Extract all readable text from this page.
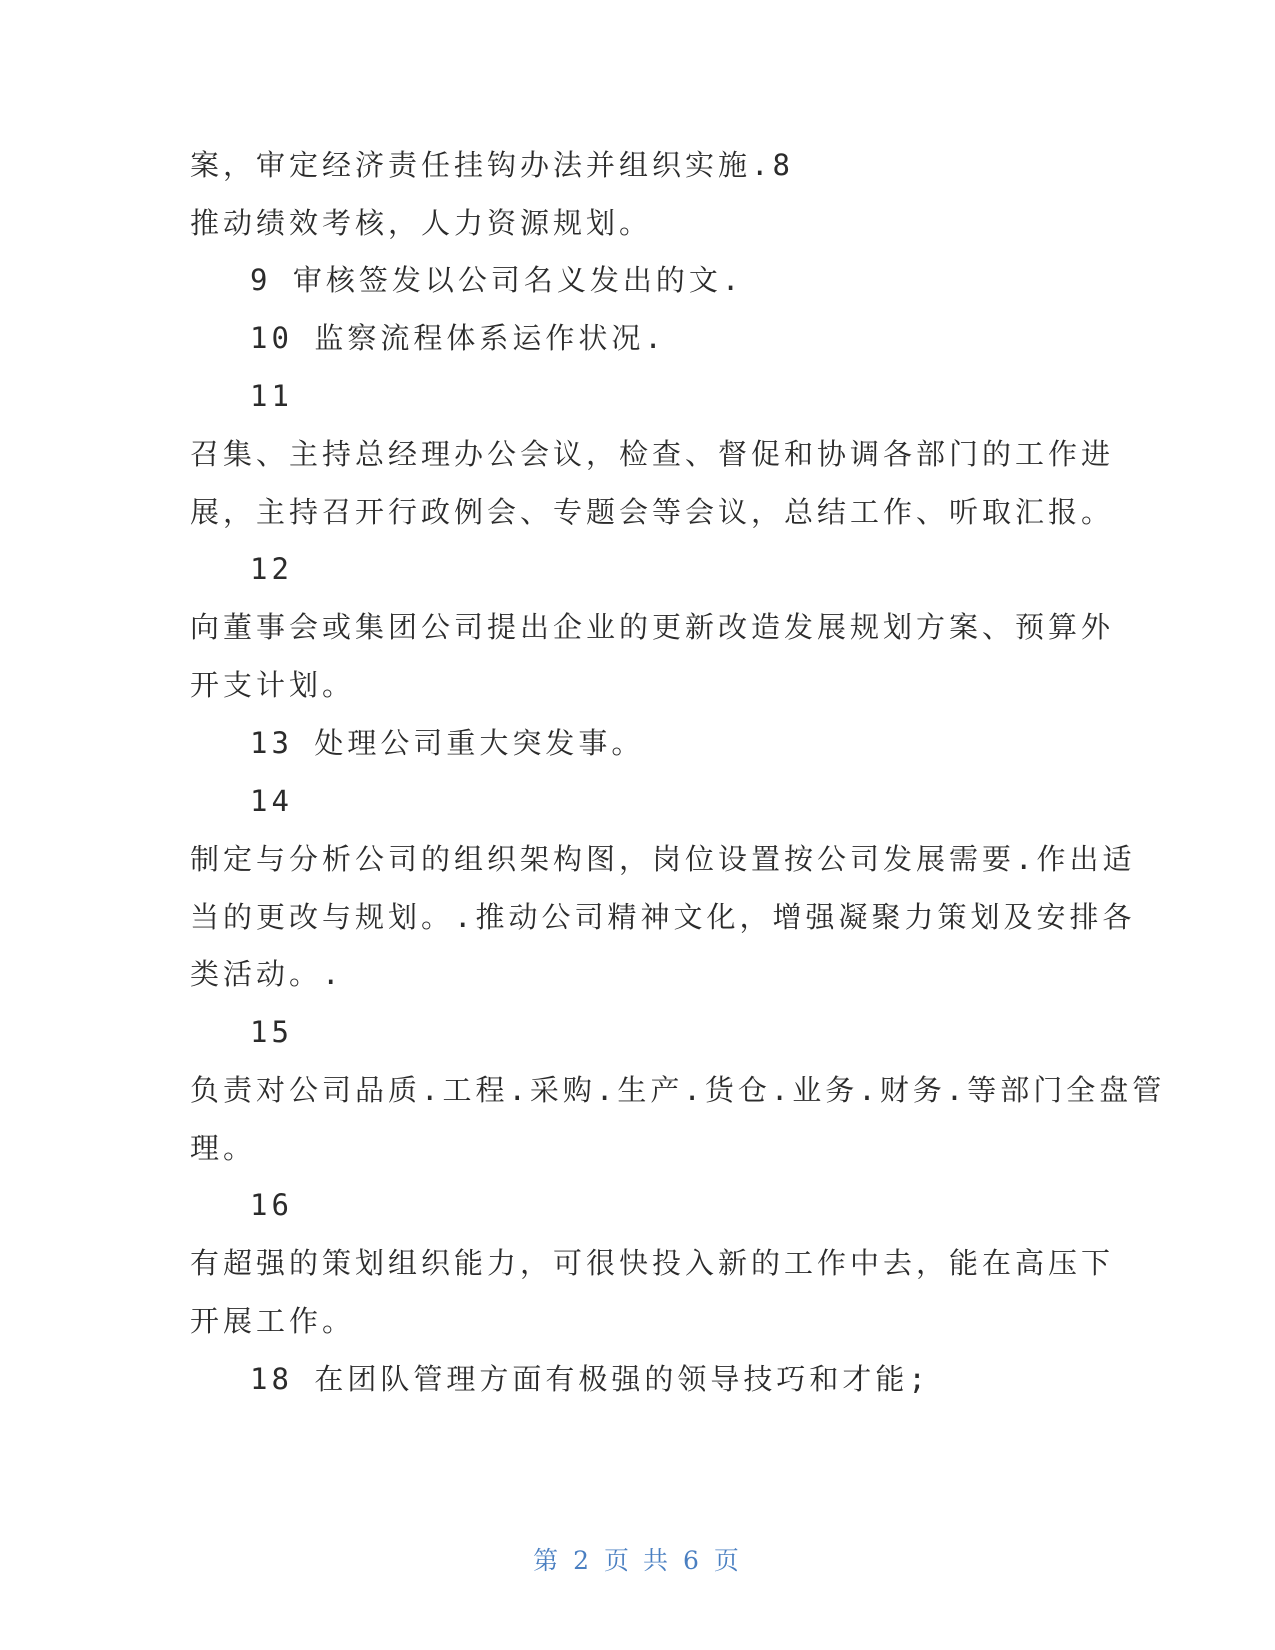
案，审定经济责任挂钩办法并组织实施.8
推动绩效考核，人力资源规划。
9 审核签发以公司名义发出的文.
10 监察流程体系运作状况.
11
召集、主持总经理办公会议，检查、督促和协调各部门的工作进
展，主持召开行政例会、专题会等会议，总结工作、听取汇报。
12
向董事会或集团公司提出企业的更新改造发展规划方案、预算外
开支计划。
13 处理公司重大突发事。
14
制定与分析公司的组织架构图，岗位设置按公司发展需要.作出适
当的更改与规划。.推动公司精神文化，增强凝聚力策划及安排各
类活动。.
15
负责对公司品质.工程.采购.生产.货仓.业务.财务.等部门全盘管
理。
16
有超强的策划组织能力，可很快投入新的工作中去，能在高压下
开展工作。
18 在团队管理方面有极强的领导技巧和才能;
第 2 页 共 6 页
